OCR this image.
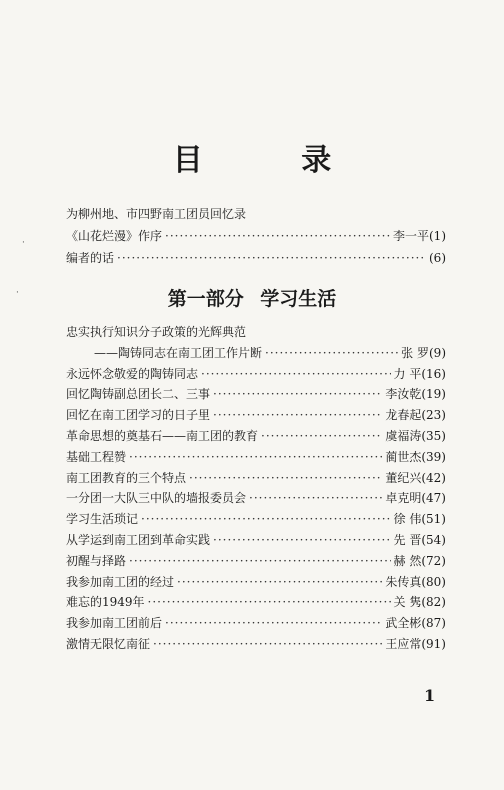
目 录
为柳州地、市四野南工团员回忆录
《山花烂漫》作序 ·····	李一平 (1)
编者的话 ·····	(6)
第一部分 学习生活
忠实执行知识分子政策的光辉典范
——陶铸同志在南工团工作片断 ·····	张 罗 (9)
永远怀念敬爱的陶铸同志 ·····	力 平 (16)
回忆陶铸副总团长二、三事 ·····	李汝乾 (19)
回忆在南工团学习的日子里 ·····	龙春起 (23)
革命思想的奠基石——南工团的教育 ·····	虞福涛 (35)
基础工程赞 ·····	蔺世杰 (39)
南工团教育的三个特点 ·····	董纪兴 (42)
一分团一大队三中队的墙报委员会 ·····	卓克明 (47)
学习生活琐记 ·····	徐 伟 (51)
从学运到南工团到革命实践 ·····	先 晋 (54)
初醒与择路 ·····	赫 然 (72)
我参加南工团的经过 ·····	朱传真 (80)
难忘的1949年 ·····	关 隽 (82)
我参加南工团前后 ·····	武全彬 (87)
激情无限忆南征 ·····	王应常 (91)
1
·
·
